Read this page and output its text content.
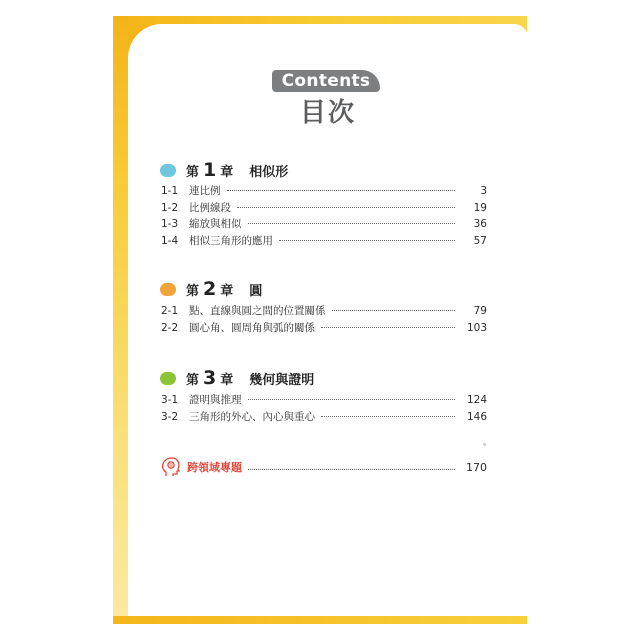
Contents
目次
第 1 章 相似形
1-1	連比例	3
1-2	比例線段	19
1-3	縮放與相似	36
1-4	相似三角形的應用	57
第 2 章 圓
2-1	點、直線與圓之間的位置關係	79
2-2	圓心角、圓周角與弧的關係	103
第 3 章 幾何與證明
3-1	證明與推理	124
3-2	三角形的外心、內心與重心	146
跨領域專題	170
